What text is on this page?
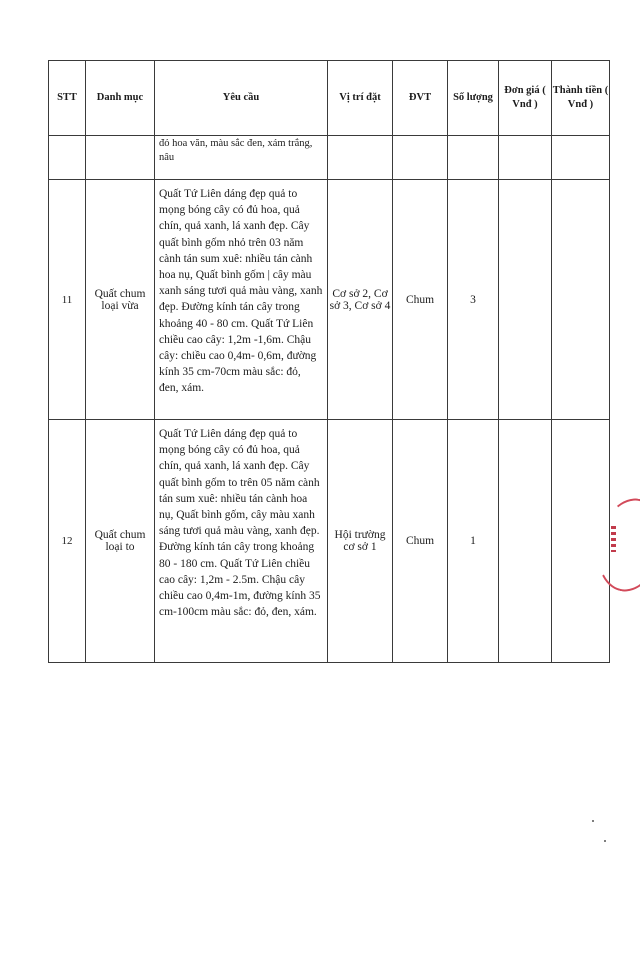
STT	Danh mục	Yêu cầu	Vị trí đặt	ĐVT	Số lượng	Đơn giá ( Vnđ )	Thành tiền ( Vnđ )
		đỏ hoa văn, màu sắc đen, xám trắng, nâu					
11	Quất chum loại vừa	Quất Tứ Liên dáng đẹp quả to mọng bóng cây có đủ hoa, quả chín, quả xanh, lá xanh đẹp. Cây quất bình gốm nhỏ trên 03 năm cành tán sum xuê: nhiều tán cành hoa nụ, Quất bình gốm | cây màu xanh sáng tươi quả màu vàng, xanh đẹp. Đường kính tán cây trong khoảng 40 - 80 cm. Quất Tứ Liên chiều cao cây: 1,2m -1,6m. Chậu cây: chiều cao 0,4m- 0,6m, đường kính 35 cm-70cm màu sắc: đỏ, đen, xám.	Cơ sở 2, Cơ sở 3, Cơ sở 4	Chum	3		
12	Quất chum loại to	Quất Tứ Liên dáng đẹp quả to mọng bóng cây có đủ hoa, quả chín, quả xanh, lá xanh đẹp. Cây quất bình gốm to trên 05 năm cành tán sum xuê: nhiều tán cành hoa nụ, Quất bình gốm, cây màu xanh sáng tươi quả màu vàng, xanh đẹp. Đường kính tán cây trong khoảng 80 - 180 cm. Quất Tứ Liên chiều cao cây: 1,2m - 2.5m. Chậu cây chiều cao 0,4m-1m, đường kính 35 cm-100cm màu sắc: đỏ, đen, xám.	Hội trường cơ sở 1	Chum	1		
